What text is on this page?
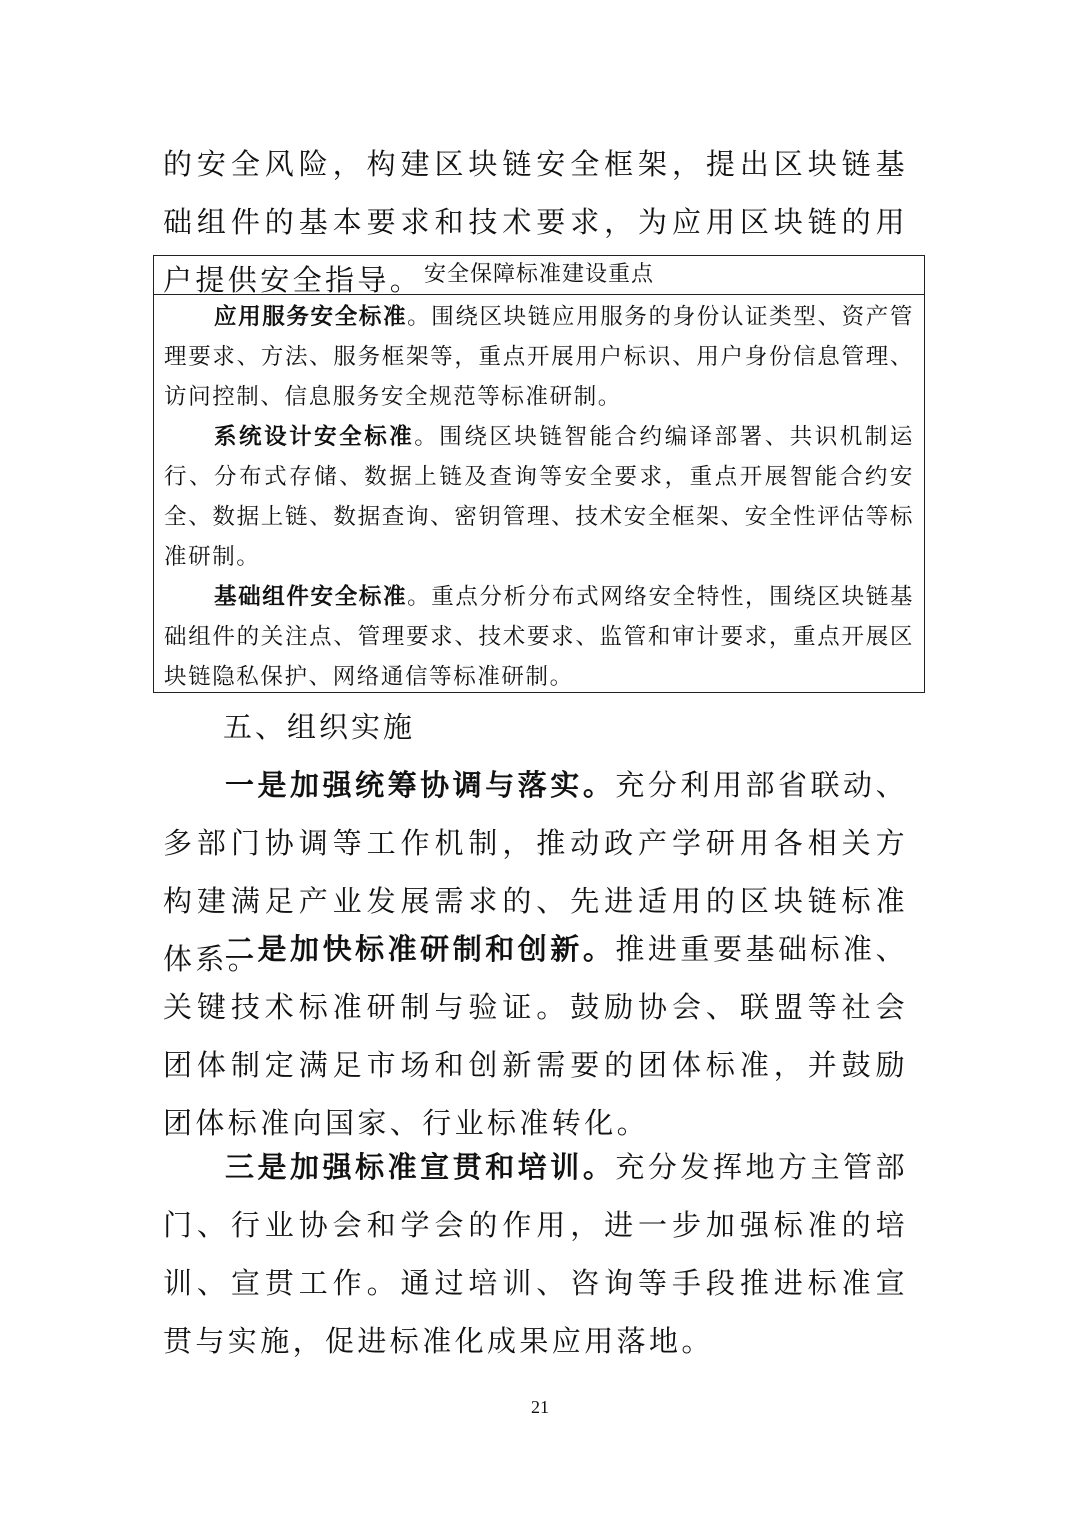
的安全风险，构建区块链安全框架，提出区块链基础组件的基本要求和技术要求，为应用区块链的用户提供安全指导。 安全保障标准建设重点

应用服务安全标准。围绕区块链应用服务的身份认证类型、资产管理要求、方法、服务框架等，重点开展用户标识、用户身份信息管理、访问控制、信息服务安全规范等标准研制。

系统设计安全标准。围绕区块链智能合约编译部署、共识机制运行、分布式存储、数据上链及查询等安全要求，重点开展智能合约安全、数据上链、数据查询、密钥管理、技术安全框架、安全性评估等标准研制。

基础组件安全标准。重点分析分布式网络安全特性，围绕区块链基础组件的关注点、管理要求、技术要求、监管和审计要求，重点开展区块链隐私保护、网络通信等标准研制。

五、组织实施

一是加强统筹协调与落实。充分利用部省联动、多部门协调等工作机制，推动政产学研用各相关方构建满足产业发展需求的、先进适用的区块链标准体系。

二是加快标准研制和创新。推进重要基础标准、关键技术标准研制与验证。鼓励协会、联盟等社会团体制定满足市场和创新需要的团体标准，并鼓励团体标准向国家、行业标准转化。

三是加强标准宣贯和培训。充分发挥地方主管部门、行业协会和学会的作用，进一步加强标准的培训、宣贯工作。通过培训、咨询等手段推进标准宣贯与实施，促进标准化成果应用落地。

21
